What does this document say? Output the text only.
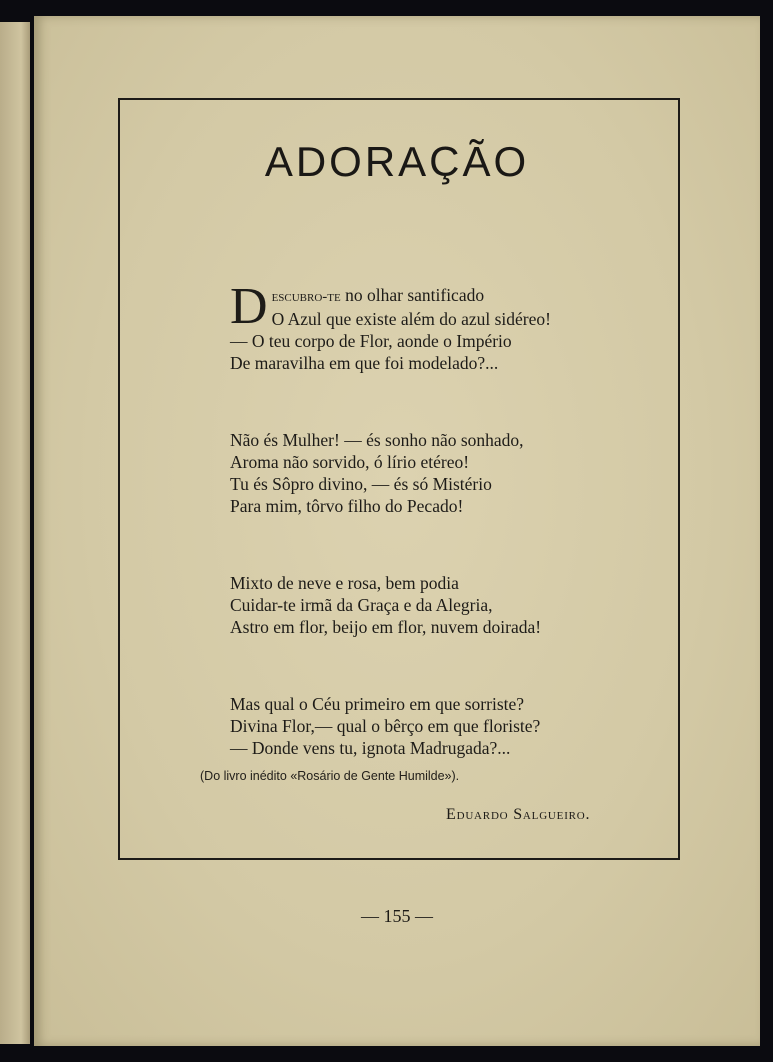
ADORAÇÃO
D escubro-te no olhar santificado
O Azul que existe além do azul sidéreo!
— O teu corpo de Flor, aonde o Império
De maravilha em que foi modelado?...
Não és Mulher! — és sonho não sonhado,
Aroma não sorvido, ó lírio etéreo!
Tu és Sôpro divino, — és só Mistério
Para mim, tôrvo filho do Pecado!
Mixto de neve e rosa, bem podia
Cuidar-te irmã da Graça e da Alegria,
Astro em flor, beijo em flor, nuvem doirada!
Mas qual o Céu primeiro em que sorriste?
Divina Flor,— qual o bêrço em que floriste?
— Donde vens tu, ignota Madrugada?...
(Do livro inédito «Rosário de Gente Humilde»).
Eduardo Salgueiro.
— 155 —
